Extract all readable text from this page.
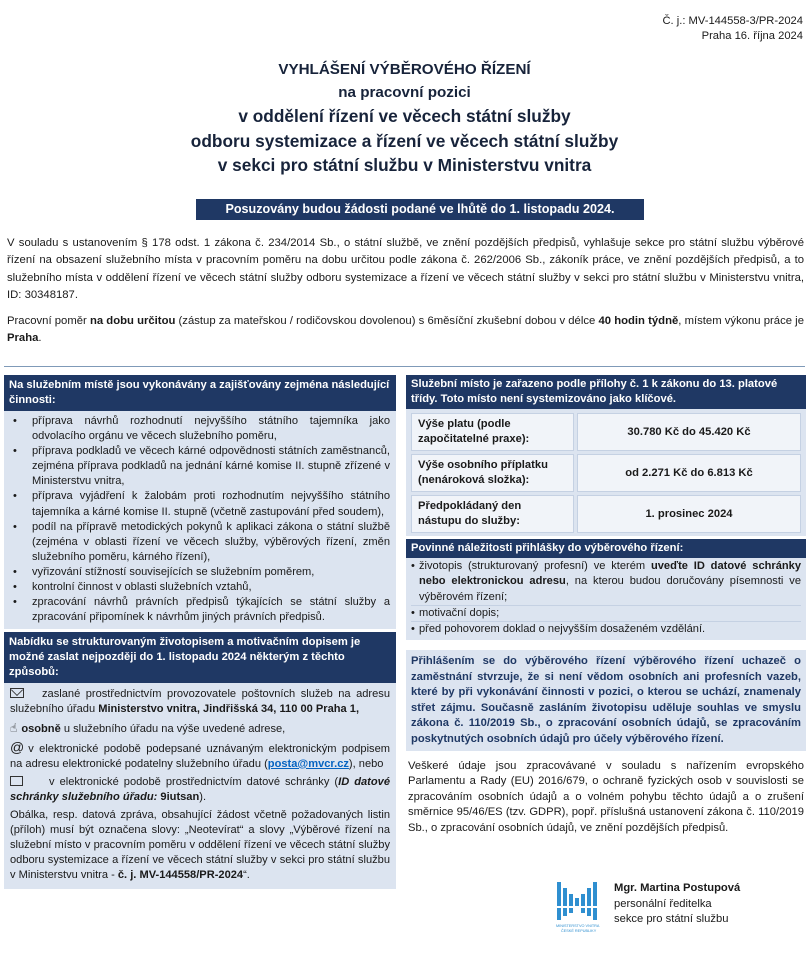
Č. j.: MV-144558-3/PR-2024
Praha 16. října 2024
VYHLÁŠENÍ VÝBĚROVÉHO ŘÍZENÍ
na pracovní pozici
v oddělení řízení ve věcech státní služby
odboru systemizace a řízení ve věcech státní služby
v sekci pro státní službu v Ministerstvu vnitra
Posuzovány budou žádosti podané ve lhůtě do 1. listopadu 2024.

V souladu s ustanovením § 178 odst. 1 zákona č. 234/2014 Sb., o státní službě, ve znění pozdějších předpisů, vyhlašuje sekce pro státní službu výběrové řízení na obsazení služebního místa v pracovním poměru na dobu určitou podle zákona č. 262/2006 Sb., zákoník práce, ve znění pozdějších předpisů, a to služebního místa v oddělení řízení ve věcech státní služby odboru systemizace a řízení ve věcech státní služby v sekci pro státní službu v Ministerstvu vnitra, ID: 30348187.

Pracovní poměr na dobu určitou (zástup za mateřskou / rodičovskou dovolenou) s 6měsíční zkušební dobou v délce 40 hodin týdně, místem výkonu práce je Praha.

Na služebním místě jsou vykonávány a zajišťovány zejména následující činnosti:
• příprava návrhů rozhodnutí nejvyššího státního tajemníka jako odvolacího orgánu ve věcech služebního poměru,
• příprava podkladů ve věcech kárné odpovědnosti státních zaměstnanců, zejména příprava podkladů na jednání kárné komise II. stupně zřízené v Ministerstvu vnitra,
• příprava vyjádření k žalobám proti rozhodnutím nejvyššího státního tajemníka a kárné komise II. stupně (včetně zastupování před soudem),
• podíl na přípravě metodických pokynů k aplikaci zákona o státní službě (zejména v oblasti řízení ve věcech služby, výběrových řízení, změn služebního poměru, kárného řízení),
• vyřizování stížností souvisejících se služebním poměrem,
• kontrolní činnost v oblasti služebních vztahů,
• zpracování návrhů právních předpisů týkajících se státní služby a zpracování připomínek k návrhům jiných právních předpisů.
Nabídku se strukturovaným životopisem a motivačním dopisem je možné zaslat nejpozději do 1. listopadu 2024 některým z těchto způsobů:

zaslané prostřednictvím provozovatele poštovních služeb na adresu služebního úřadu Ministerstvo vnitra, Jindřišská 34, 110 00 Praha 1,

☝ osobně u služebního úřadu na výše uvedené adrese,

@ v elektronické podobě podepsané uznávaným elektronickým podpisem na adresu elektronické podatelny služebního úřadu (posta@mvcr.cz), nebo

v elektronické podobě prostřednictvím datové schránky (ID datové schránky služebního úřadu: 9iutsan).

Obálka, resp. datová zpráva, obsahující žádost včetně požadovaných listin (příloh) musí být označena slovy: „Neotevírat“ a slovy „Výběrové řízení na služební místo v pracovním poměru v oddělení řízení ve věcech státní služby odboru systemizace a řízení ve věcech státní služby v sekci pro státní službu v Ministerstvu vnitra - č. j. MV-144558/PR-2024“.

Služební místo je zařazeno podle přílohy č. 1 k zákonu do 13. platové třídy. Toto místo není systemizováno jako klíčové.
Výše platu (podle započitatelné praxe):
30.780 Kč do 45.420 Kč
Výše osobního příplatku (nenároková složka):
od 2.271 Kč do 6.813 Kč
Předpokládaný den nástupu do služby:
1. prosinec 2024
Povinné náležitosti přihlášky do výběrového řízení:
• životopis (strukturovaný profesní) ve kterém uveďte ID datové schránky nebo elektronickou adresu, na kterou budou doručovány písemnosti ve výběrovém řízení;
• motivační dopis;
• před pohovorem doklad o nejvyšším dosaženém vzdělání.
Přihlášením se do výběrového řízení výběrového řízení uchazeč o zaměstnání stvrzuje, že si není vědom osobních ani profesních vazeb, které by při vykonávání činnosti v pozici, o kterou se uchází, znamenaly střet zájmu. Současně zasláním životopisu uděluje souhlas ve smyslu zákona č. 110/2019 Sb., o zpracování osobních údajů, se zpracováním poskytnutých osobních údajů pro účely výběrového řízení.

Veškeré údaje jsou zpracovávané v souladu s nařízením evropského Parlamentu a Rady (EU) 2016/679, o ochraně fyzických osob v souvislosti se zpracováním osobních údajů a o volném pohybu těchto údajů a o zrušení směrnice 95/46/ES (tzv. GDPR), popř. příslušná ustanovení zákona č. 110/2019 Sb., o zpracování osobních údajů, ve znění pozdějších předpisů.

MINISTERSTVO VNITRA
ČESKÉ REPUBLIKY
Mgr. Martina Postupová
personální ředitelka
sekce pro státní službu
